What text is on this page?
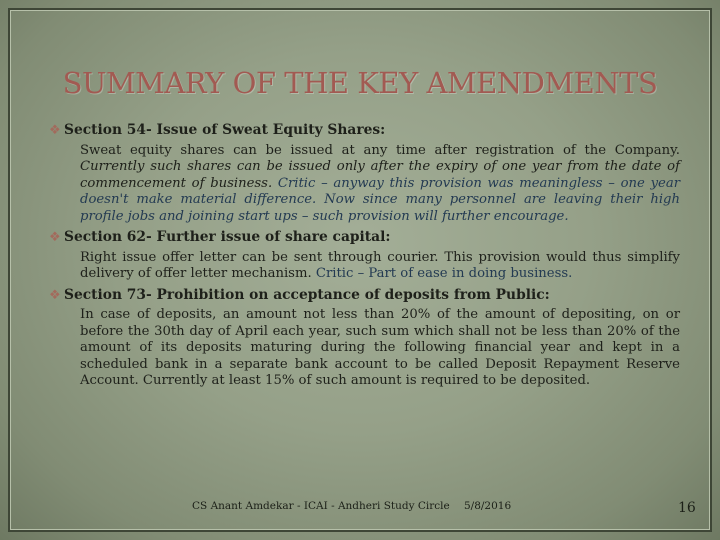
SUMMARY OF THE KEY AMENDMENTS
❖ Section 54- Issue of Sweat Equity Shares:
Sweat equity shares can be issued at any time after registration of the Company. Currently such shares can be issued only after the expiry of one year from the date of commencement of business. Critic – anyway this provision was meaningless – one year doesn't make material difference. Now since many personnel are leaving their high profile jobs and joining start ups – such provision will further encourage.
❖ Section 62- Further issue of share capital:
Right issue offer letter can be sent through courier. This provision would thus simplify delivery of offer letter mechanism. Critic – Part of ease in doing business.
❖ Section 73- Prohibition on acceptance of deposits from Public:
In case of deposits, an amount not less than 20% of the amount of depositing, on or before the 30th day of April each year, such sum which shall not be less than 20% of the amount of its deposits maturing during the following financial year and kept in a scheduled bank in a separate bank account to be called Deposit Repayment Reserve Account. Currently at least 15% of such amount is required to be deposited.
CS Anant Amdekar - ICAI - Andheri Study Circle 5/8/2016	16
